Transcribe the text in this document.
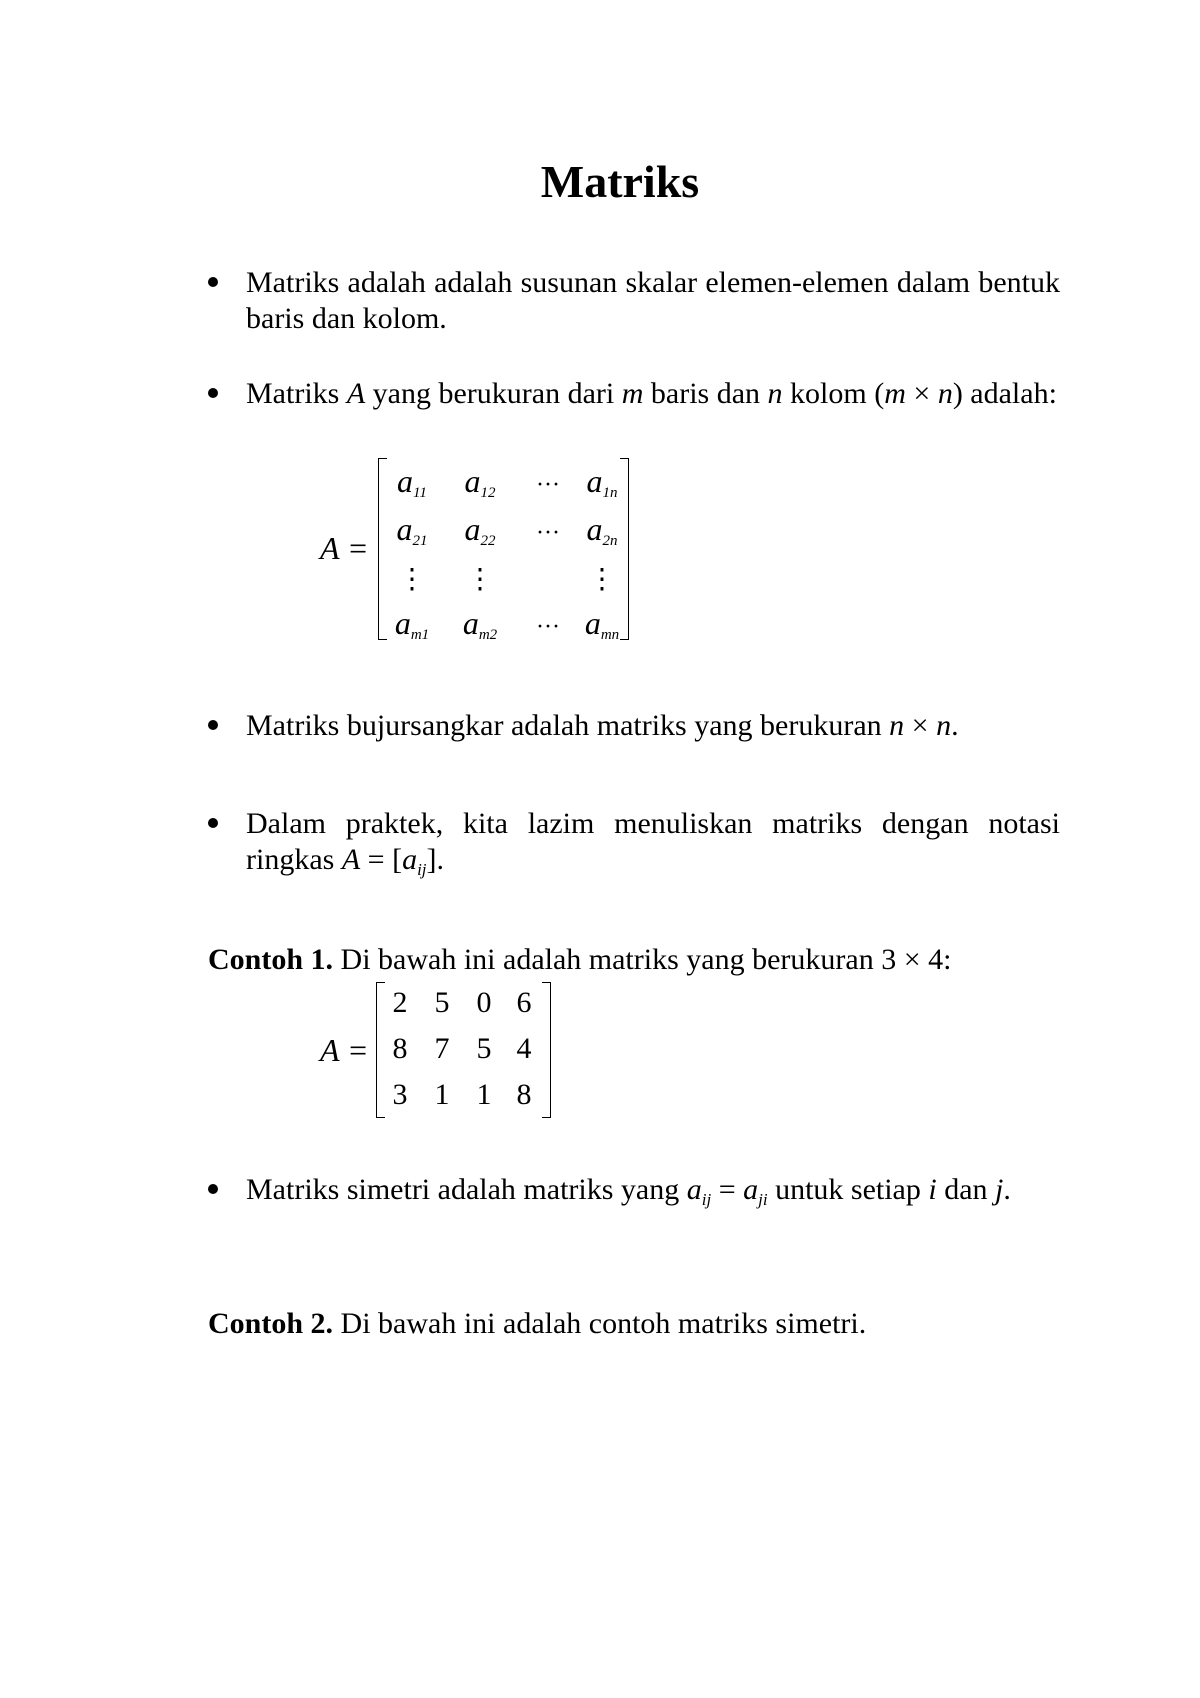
Matriks
Matriks adalah adalah susunan skalar elemen-elemen dalam bentuk baris dan kolom.
Matriks A yang berukuran dari m baris dan n kolom (m × n) adalah:
A =
$a_{11}$ $a_{12}$	··· $a_{1n}$
$a_{21}$ $a_{22}$	··· $a_{2n}$
⋮ ⋮	⋮
$a_{m1}$ $a_{m2}$	··· $a_{mn}$
Matriks bujursangkar adalah matriks yang berukuran n × n.
Dalam praktek, kita lazim menuliskan matriks dengan notasi ringkas $A = [a_{ij}]$.
Contoh 1. Di bawah ini adalah matriks yang berukuran 3 × 4:
A =
2 5 0 6
8 7 5 4
3 1 1 8
Matriks simetri adalah matriks yang $a_{ij} = a_{ji}$ untuk setiap i dan j.
Contoh 2. Di bawah ini adalah contoh matriks simetri.
